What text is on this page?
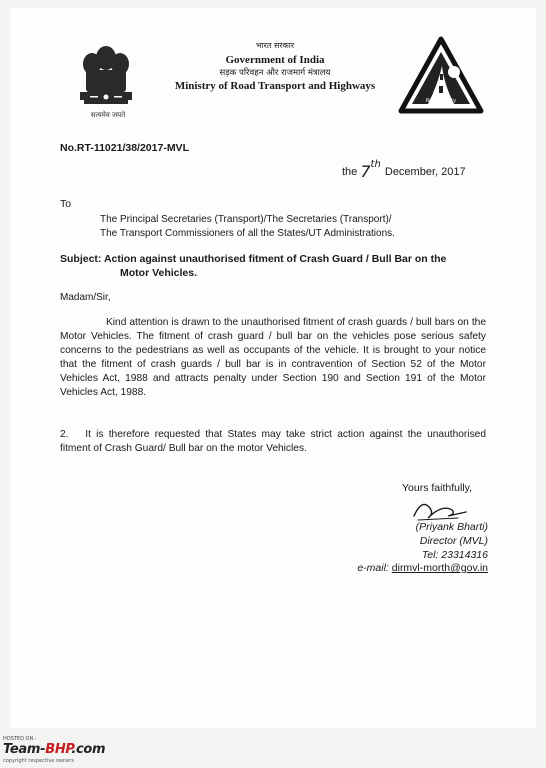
सत्यमेव जयते
भारत सरकार
Government of India
सड़क परिवहन और राजमार्ग मंत्रालय
Ministry of Road Transport and Highways
Road Safety
No.RT-11021/38/2017-MVL
the 7th December, 2017
To
The Principal Secretaries (Transport)/The Secretaries (Transport)/
The Transport Commissioners of all the States/UT Administrations.
Subject: Action against unauthorised fitment of Crash Guard / Bull Bar on the
Motor Vehicles.
Madam/Sir,
Kind attention is drawn to the unauthorised fitment of crash guards / bull bars on the Motor Vehicles. The fitment of crash guard / bull bar on the vehicles pose serious safety concerns to the pedestrians as well as occupants of the vehicle. It is brought to your notice that the fitment of crash guards / bull bar is in contravention of Section 52 of the Motor Vehicles Act, 1988 and attracts penalty under Section 190 and Section 191 of the Motor Vehicles Act, 1988.
2. It is therefore requested that States may take strict action against the unauthorised fitment of Crash Guard/ Bull bar on the motor Vehicles.
Yours faithfully,
(Priyank Bharti)
Director (MVL)
Tel: 23314316
e-mail: dirmvl-morth@gov.in
HOSTED ON :
Team-BHP.com
copyright respective owners
